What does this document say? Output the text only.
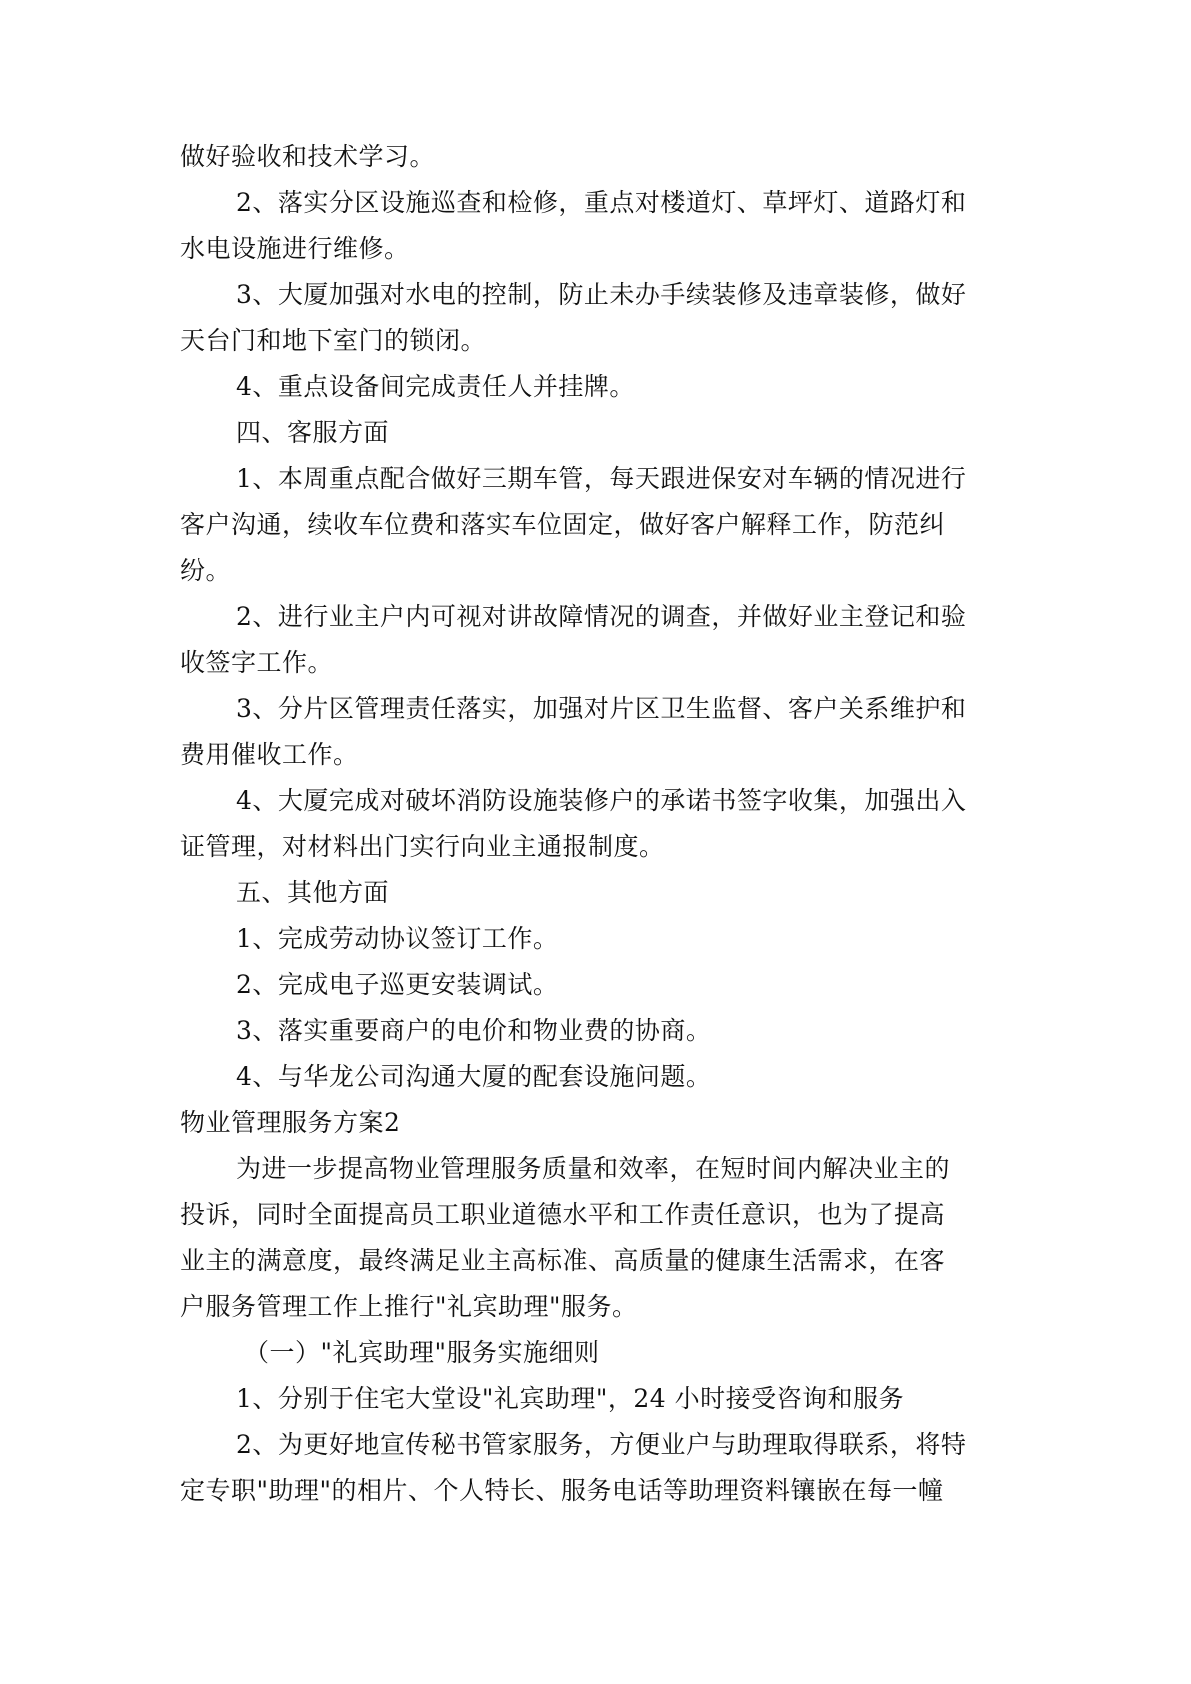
做好验收和技术学习。
2、落实分区设施巡查和检修，重点对楼道灯、草坪灯、道路灯和
水电设施进行维修。
3、大厦加强对水电的控制，防止未办手续装修及违章装修，做好
天台门和地下室门的锁闭。
4、重点设备间完成责任人并挂牌。
四、客服方面
1、本周重点配合做好三期车管，每天跟进保安对车辆的情况进行
客户沟通，续收车位费和落实车位固定，做好客户解释工作，防范纠
纷。
2、进行业主户内可视对讲故障情况的调查，并做好业主登记和验
收签字工作。
3、分片区管理责任落实，加强对片区卫生监督、客户关系维护和
费用催收工作。
4、大厦完成对破坏消防设施装修户的承诺书签字收集，加强出入
证管理，对材料出门实行向业主通报制度。
五、其他方面
1、完成劳动协议签订工作。
2、完成电子巡更安装调试。
3、落实重要商户的电价和物业费的协商。
4、与华龙公司沟通大厦的配套设施问题。
物业管理服务方案2
为进一步提高物业管理服务质量和效率，在短时间内解决业主的
投诉，同时全面提高员工职业道德水平和工作责任意识，也为了提高
业主的满意度，最终满足业主高标准、高质量的健康生活需求，在客
户服务管理工作上推行"礼宾助理"服务。
（一）"礼宾助理"服务实施细则
1、分别于住宅大堂设"礼宾助理"，24 小时接受咨询和服务
2、为更好地宣传秘书管家服务，方便业户与助理取得联系，将特
定专职"助理"的相片、个人特长、服务电话等助理资料镶嵌在每一幢
